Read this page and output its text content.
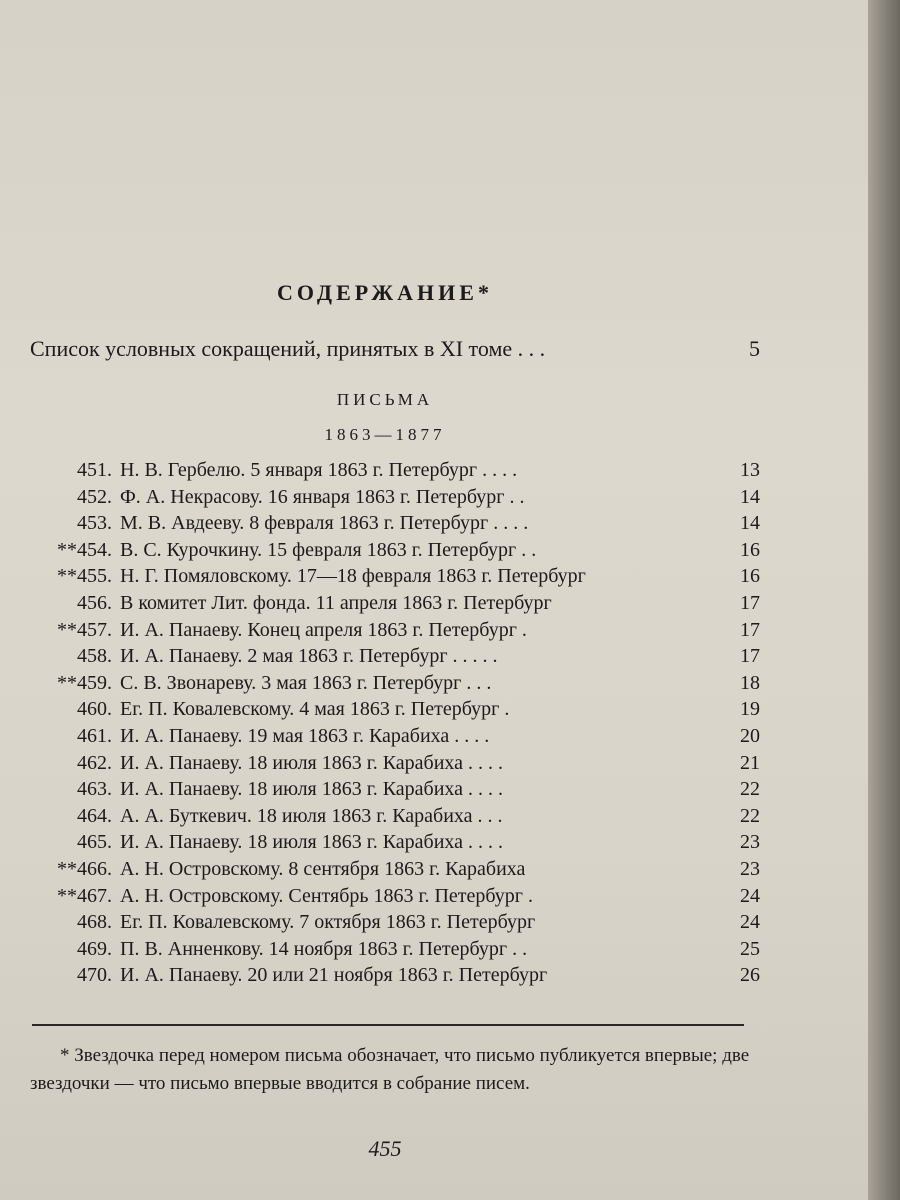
СОДЕРЖАНИЕ*
Список условных сокращений, принятых в XI томе . . .	5
ПИСЬМА
1863—1877
451. Н. В. Гербелю. 5 января 1863 г. Петербург . . . .	13
452. Ф. А. Некрасову. 16 января 1863 г. Петербург . .	14
453. М. В. Авдееву. 8 февраля 1863 г. Петербург . . . .	14
**454. В. С. Курочкину. 15 февраля 1863 г. Петербург . .	16
**455. Н. Г. Помяловскому. 17—18 февраля 1863 г. Петербург	16
456. В комитет Лит. фонда. 11 апреля 1863 г. Петербург	17
**457. И. А. Панаеву. Конец апреля 1863 г. Петербург .	17
458. И. А. Панаеву. 2 мая 1863 г. Петербург . . . . .	17
**459. С. В. Звонареву. 3 мая 1863 г. Петербург . . .	18
460. Ег. П. Ковалевскому. 4 мая 1863 г. Петербург .	19
461. И. А. Панаеву. 19 мая 1863 г. Карабиха . . . .	20
462. И. А. Панаеву. 18 июля 1863 г. Карабиха . . . .	21
463. И. А. Панаеву. 18 июля 1863 г. Карабиха . . . .	22
464. А. А. Буткевич. 18 июля 1863 г. Карабиха . . .	22
465. И. А. Панаеву. 18 июля 1863 г. Карабиха . . . .	23
**466. А. Н. Островскому. 8 сентября 1863 г. Карабиха	23
**467. А. Н. Островскому. Сентябрь 1863 г. Петербург .	24
468. Ег. П. Ковалевскому. 7 октября 1863 г. Петербург	24
469. П. В. Анненкову. 14 ноября 1863 г. Петербург . .	25
470. И. А. Панаеву. 20 или 21 ноября 1863 г. Петербург	26
* Звездочка перед номером письма обозначает, что письмо публикуется впервые; две звездочки — что письмо впервые вводится в собрание писем.
455
